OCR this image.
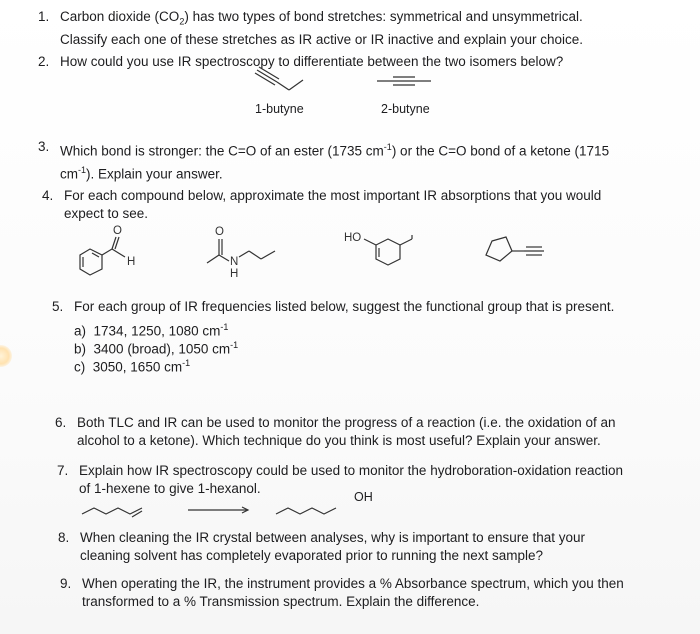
1. Carbon dioxide $(CO_2)$ has two types of bond stretches: symmetrical and unsymmetrical.
Classify each one of these stretches as IR active or IR inactive and explain your choice.
2. How could you use IR spectroscopy to differentiate between the two isomers below?
1-butyne	2-butyne
3. Which bond is stronger: the C=O of an ester (1735 $cm^{-1}$) or the C=O bond of a ketone (1715
$cm^{-1}$). Explain your answer.
4. For each compound below, approximate the most important IR absorptions that you would
expect to see.
O
H
O
N
H
HO
5. For each group of IR frequencies listed below, suggest the functional group that is present.
a) 1734, 1250, 1080 $cm^{-1}$
b) 3400 (broad), 1050 $cm^{-1}$
c) 3050, 1650 $cm^{-1}$
6. Both TLC and IR can be used to monitor the progress of a reaction (i.e. the oxidation of an
alcohol to a ketone). Which technique do you think is most useful? Explain your answer.
7. Explain how IR spectroscopy could be used to monitor the hydroboration-oxidation reaction
of 1-hexene to give 1-hexanol.
OH
8. When cleaning the IR crystal between analyses, why is important to ensure that your
cleaning solvent has completely evaporated prior to running the next sample?
9. When operating the IR, the instrument provides a % Absorbance spectrum, which you then
transformed to a % Transmission spectrum. Explain the difference.
